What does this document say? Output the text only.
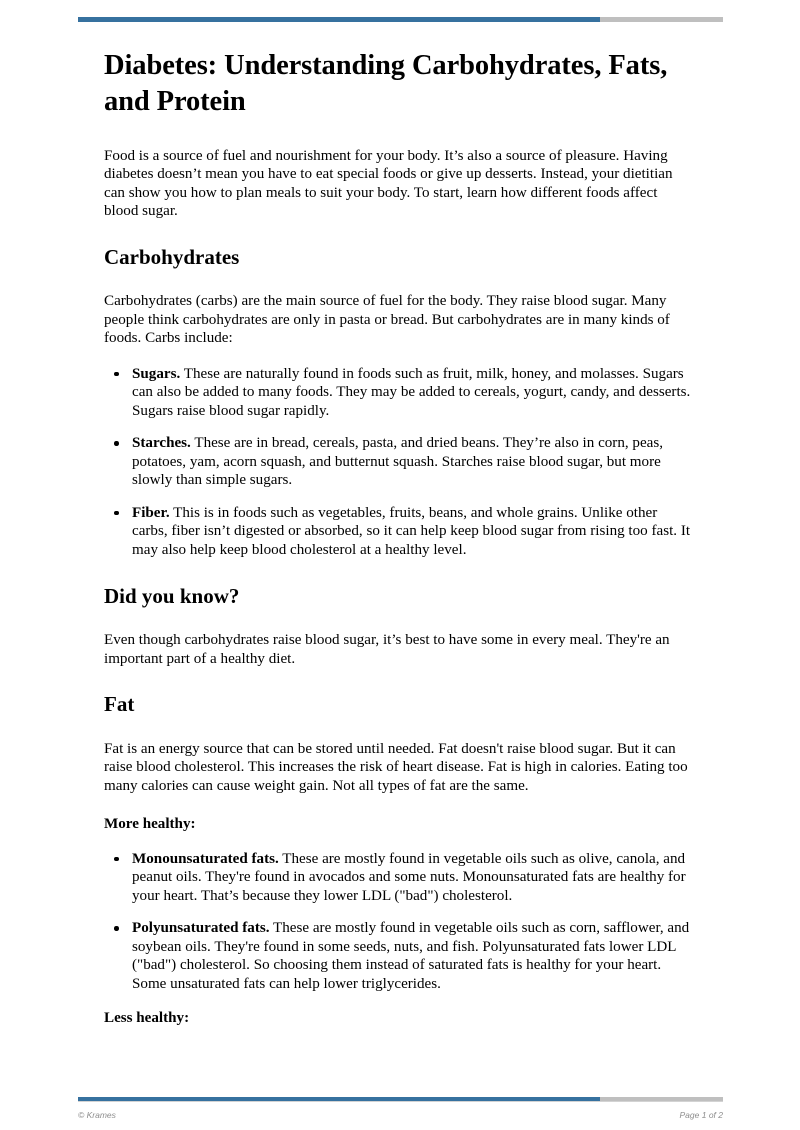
Diabetes: Understanding Carbohydrates, Fats, and Protein

Food is a source of fuel and nourishment for your body. It’s also a source of pleasure. Having diabetes doesn’t mean you have to eat special foods or give up desserts. Instead, your dietitian can show you how to plan meals to suit your body. To start, learn how different foods affect blood sugar.

Carbohydrates

Carbohydrates (carbs) are the main source of fuel for the body. They raise blood sugar. Many people think carbohydrates are only in pasta or bread. But carbohydrates are in many kinds of foods. Carbs include:

Sugars. These are naturally found in foods such as fruit, milk, honey, and molasses. Sugars can also be added to many foods. They may be added to cereals, yogurt, candy, and desserts. Sugars raise blood sugar rapidly.
Starches. These are in bread, cereals, pasta, and dried beans. They’re also in corn, peas, potatoes, yam, acorn squash, and butternut squash. Starches raise blood sugar, but more slowly than simple sugars.
Fiber. This is in foods such as vegetables, fruits, beans, and whole grains. Unlike other carbs, fiber isn’t digested or absorbed, so it can help keep blood sugar from rising too fast. It may also help keep blood cholesterol at a healthy level.
Did you know?

Even though carbohydrates raise blood sugar, it’s best to have some in every meal. They're an important part of a healthy diet.

Fat

Fat is an energy source that can be stored until needed. Fat doesn't raise blood sugar. But it can raise blood cholesterol. This increases the risk of heart disease. Fat is high in calories. Eating too many calories can cause weight gain. Not all types of fat are the same.

More healthy:

Monounsaturated fats. These are mostly found in vegetable oils such as olive, canola, and peanut oils. They're found in avocados and some nuts. Monounsaturated fats are healthy for your heart. That’s because they lower LDL ("bad") cholesterol.
Polyunsaturated fats. These are mostly found in vegetable oils such as corn, safflower, and soybean oils. They're found in some seeds, nuts, and fish. Polyunsaturated fats lower LDL ("bad") cholesterol. So choosing them instead of saturated fats is healthy for your heart. Some unsaturated fats can help lower triglycerides.

Less healthy:

© Krames	Page 1 of 2
